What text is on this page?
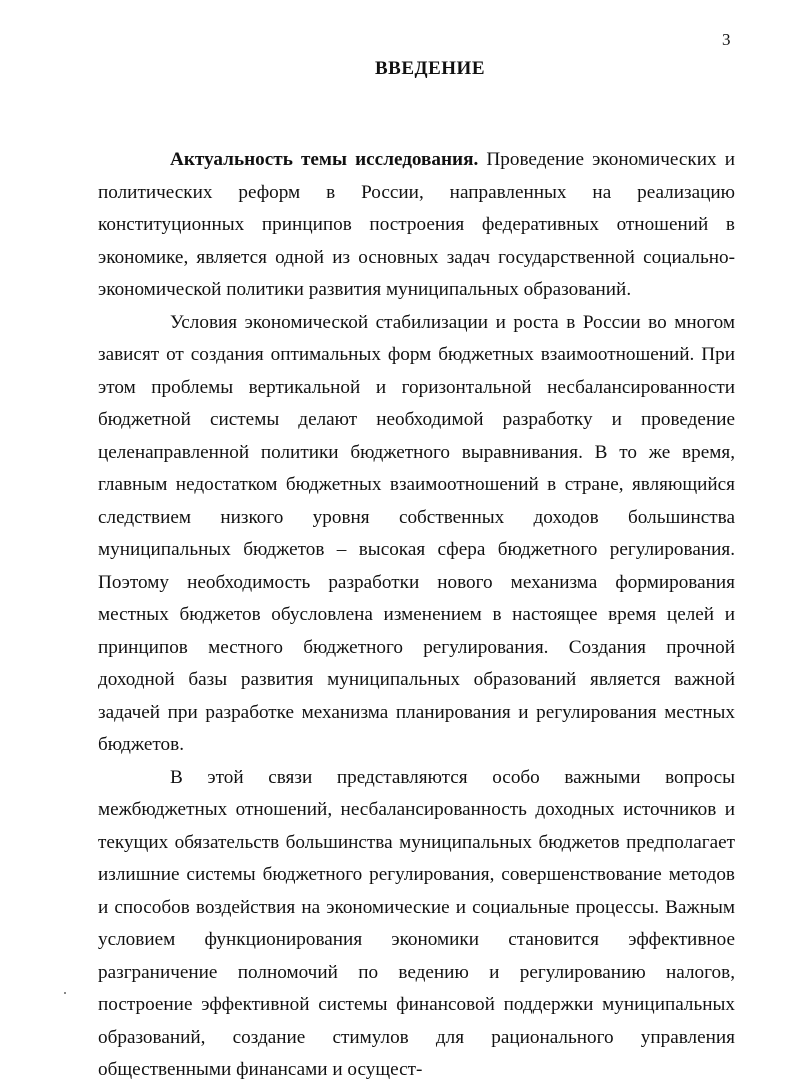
3
ВВЕДЕНИЕ

Актуальность темы исследования. Проведение экономических и политических реформ в России, направленных на реализацию конституционных принципов построения федеративных отношений в экономике, является одной из основных задач государственной социально-экономической политики развития муниципальных образований.

Условия экономической стабилизации и роста в России во многом зависят от создания оптимальных форм бюджетных взаимоотношений. При этом проблемы вертикальной и горизонтальной несбалансированности бюджетной системы делают необходимой разработку и проведение целенаправленной политики бюджетного выравнивания. В то же время, главным недостатком бюджетных взаимоотношений в стране, являющийся следствием низкого уровня собственных доходов большинства муниципальных бюджетов – высокая сфера бюджетного регулирования. Поэтому необходимость разработки нового механизма формирования местных бюджетов обусловлена изменением в настоящее время целей и принципов местного бюджетного регулирования. Создания прочной доходной базы развития муниципальных образований является важной задачей при разработке механизма планирования и регулирования местных бюджетов.

В этой связи представляются особо важными вопросы межбюджетных отношений, несбалансированность доходных источников и текущих обязательств большинства муниципальных бюджетов предполагает излишние системы бюджетного регулирования, совершенствование методов и способов воздействия на экономические и социальные процессы. Важным условием функционирования экономики становится эффективное разграничение полномочий по ведению и регулированию налогов, построение эффективной системы финансовой поддержки муниципальных образований, создание стимулов для рационального управления общественными финансами и осущест-
